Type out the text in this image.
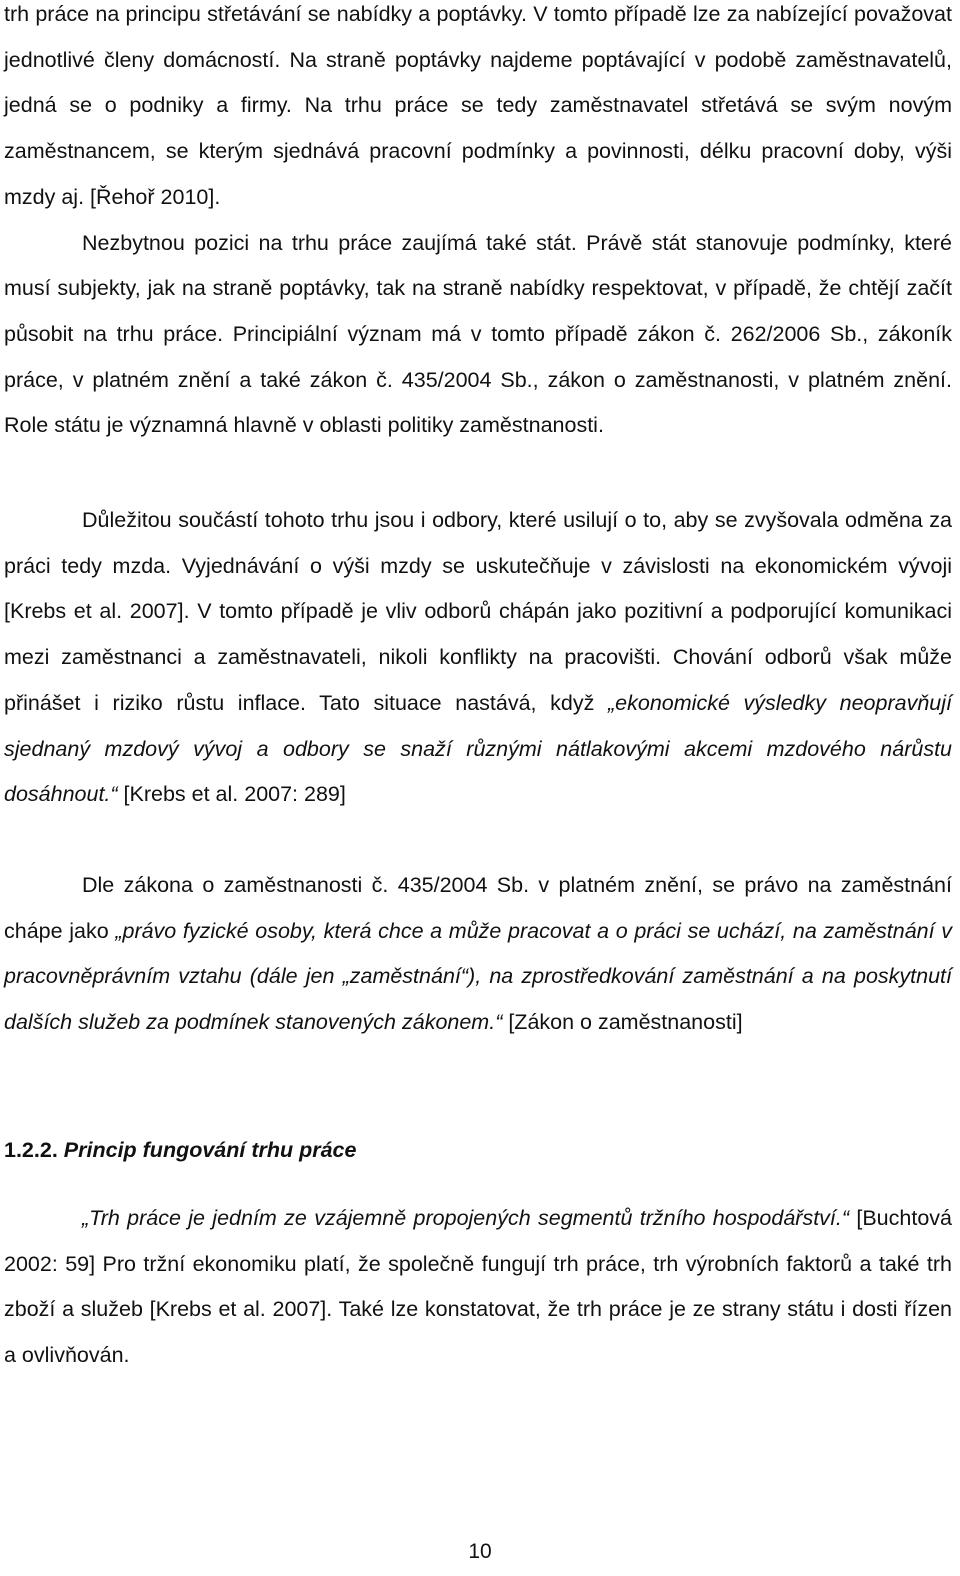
trh práce na principu střetávání se nabídky a poptávky. V tomto případě lze za nabízející považovat jednotlivé členy domácností. Na straně poptávky najdeme poptávající v podobě zaměstnavatelů, jedná se o podniky a firmy. Na trhu práce se tedy zaměstnavatel střetává se svým novým zaměstnancem, se kterým sjednává pracovní podmínky a povinnosti, délku pracovní doby, výši mzdy aj. [Řehoř 2010].

Nezbytnou pozici na trhu práce zaujímá také stát. Právě stát stanovuje podmínky, které musí subjekty, jak na straně poptávky, tak na straně nabídky respektovat, v případě, že chtějí začít působit na trhu práce. Principiální význam má v tomto případě zákon č. 262/2006 Sb., zákoník práce, v platném znění a také zákon č. 435/2004 Sb., zákon o zaměstnanosti, v platném znění. Role státu je významná hlavně v oblasti politiky zaměstnanosti.

Důležitou součástí tohoto trhu jsou i odbory, které usilují o to, aby se zvyšovala odměna za práci tedy mzda. Vyjednávání o výši mzdy se uskutečňuje v závislosti na ekonomickém vývoji [Krebs et al. 2007]. V tomto případě je vliv odborů chápán jako pozitivní a podporující komunikaci mezi zaměstnanci a zaměstnavateli, nikoli konflikty na pracovišti. Chování odborů však může přinášet i riziko růstu inflace. Tato situace nastává, když „ekonomické výsledky neopravňují sjednaný mzdový vývoj a odbory se snaží různými nátlakovými akcemi mzdového nárůstu dosáhnout.“ [Krebs et al. 2007: 289]

Dle zákona o zaměstnanosti č. 435/2004 Sb. v platném znění, se právo na zaměstnání chápe jako „právo fyzické osoby, která chce a může pracovat a o práci se uchází, na zaměstnání v pracovněprávním vztahu (dále jen „zaměstnání“), na zprostředkování zaměstnání a na poskytnutí dalších služeb za podmínek stanovených zákonem.“ [Zákon o zaměstnanosti]

1.2.2. Princip fungování trhu práce

„Trh práce je jedním ze vzájemně propojených segmentů tržního hospodářství.“ [Buchtová 2002: 59] Pro tržní ekonomiku platí, že společně fungují trh práce, trh výrobních faktorů a také trh zboží a služeb [Krebs et al. 2007]. Také lze konstatovat, že trh práce je ze strany státu i dosti řízen a ovlivňován.

10
